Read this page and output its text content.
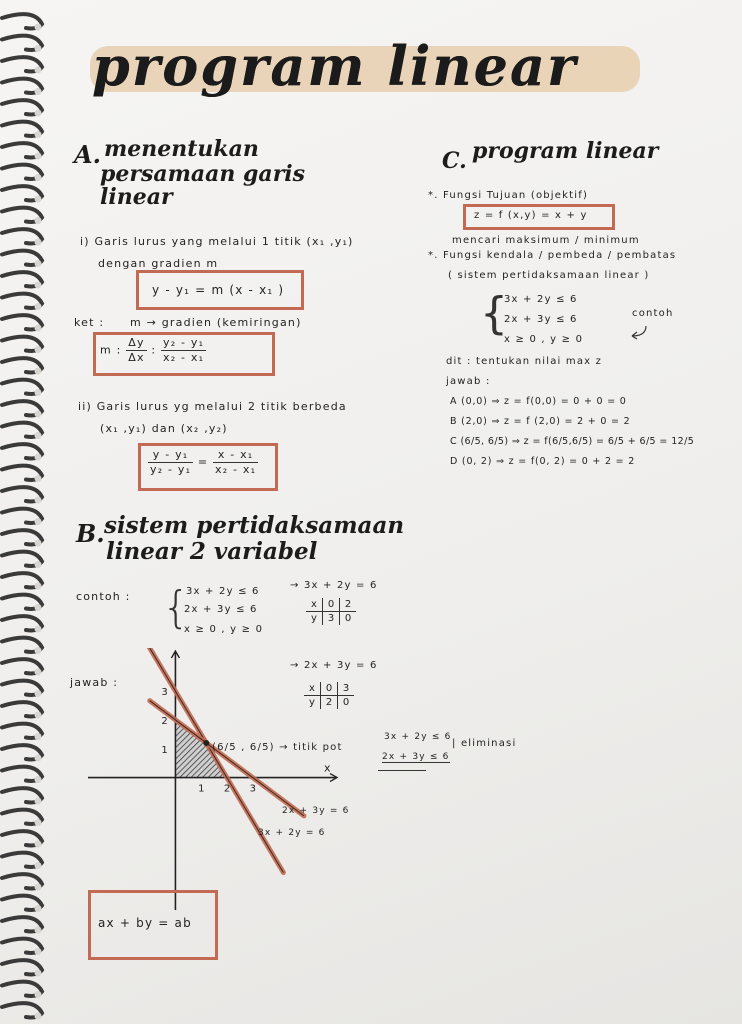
program linear
A. menentukan
persamaan garis
linear
i) Garis lurus yang melalui 1 titik (x₁ ,y₁)
dengan gradien m
y - y₁ = m (x - x₁ )
ket : m → gradien (kemiringan)
m : $\frac{\Delta y}{\Delta x}$ : $\frac{\text{y₂ - y₁}}{\text{x₂ - x₁}}$
ii) Garis lurus yg melalui 2 titik berbeda
(x₁ ,y₁) dan (x₂ ,y₂)
$\frac{\text{y - y₁}}{\text{y₂ - y₁}} = \frac{\text{x - x₁}}{\text{x₂ - x₁}}$
B. sistem pertidaksamaan
linear 2 variabel
contoh : {
3x + 2y ≤ 6
2x + 3y ≤ 6
x ≥ 0 , y ≥ 0
→ 3x + 2y = 6
x	0	2
y	3	0
jawab :
→ 2x + 3y = 6
x	0	3
y	2	0
3
2
1
1 2 3
x
2x + 3y = 6
3x + 2y = 6
(6/5 , 6/5) → titik pot
3x + 2y ≤ 6
2x + 3y ≤ 6
| eliminasi
ax + by = ab
C. program linear
*. Fungsi Tujuan (objektif)
z = f (x,y) = x + y
mencari maksimum / minimum
*. Fungsi kendala / pembeda / pembatas
( sistem pertidaksamaan linear )
{
3x + 2y ≤ 6
2x + 3y ≤ 6
x ≥ 0 , y ≥ 0
contoh
dit : tentukan nilai max z
jawab :
A (0,0) ⇒ z = f(0,0) = 0 + 0 = 0
B (2,0) ⇒ z = f (2,0) = 2 + 0 = 2
C (6/5, 6/5) ⇒ z = f(6/5,6/5) = 6/5 + 6/5 = 12/5
D (0, 2) ⇒ z = f(0, 2) = 0 + 2 = 2
